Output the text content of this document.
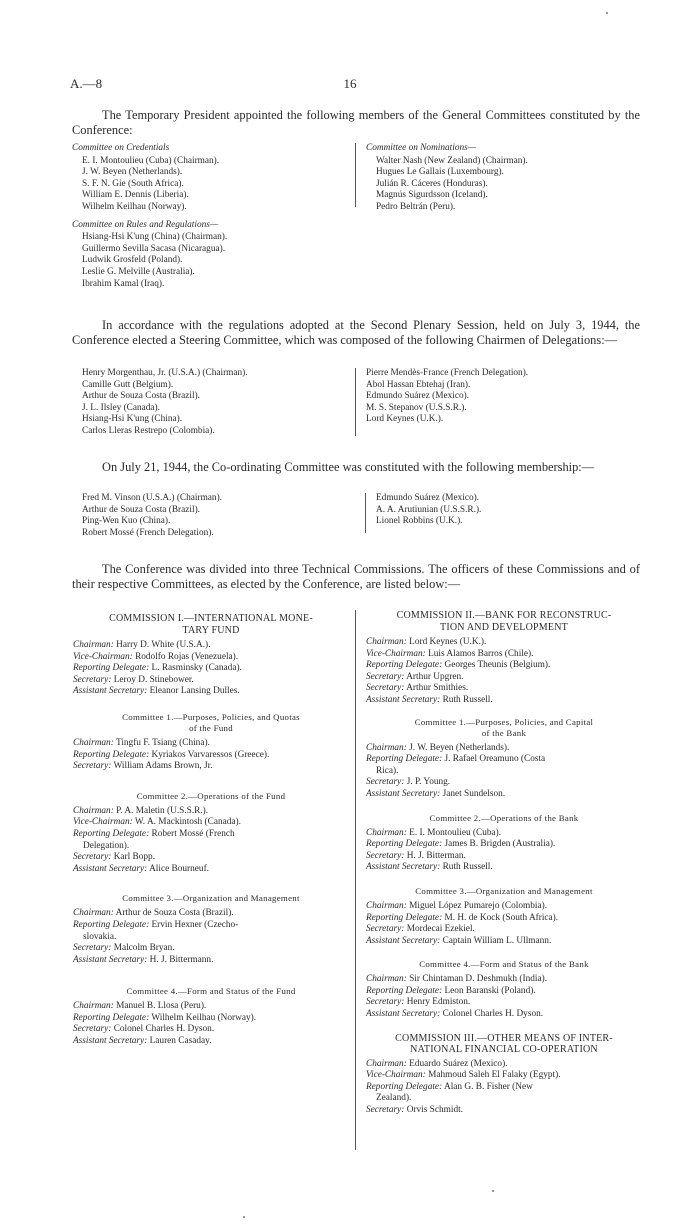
A.—8	16

The Temporary President appointed the following members of the General Committees constituted by the Conference:

Committee on Credentials
E. I. Montoulieu (Cuba) (Chairman).
J. W. Beyen (Netherlands).
S. F. N. Gie (South Africa).
William E. Dennis (Liberia).
Wilhelm Keilhau (Norway).
Committee on Rules and Regulations—
Hsiang-Hsi K'ung (China) (Chairman).
Guillermo Sevilla Sacasa (Nicaragua).
Ludwik Grosfeld (Poland).
Leslie G. Melville (Australia).
Ibrahim Kamal (Iraq).
Committee on Nominations—
Walter Nash (New Zealand) (Chairman).
Hugues Le Gallais (Luxembourg).
Julián R. Cáceres (Honduras).
Magnús Sigurdsson (Iceland).
Pedro Beltrán (Peru).

In accordance with the regulations adopted at the Second Plenary Session, held on July 3, 1944, the Conference elected a Steering Committee, which was composed of the following Chairmen of Delegations:—

Henry Morgenthau, Jr. (U.S.A.) (Chairman).
Camille Gutt (Belgium).
Arthur de Souza Costa (Brazil).
J. L. Ilsley (Canada).
Hsiang-Hsi K'ung (China).
Carlos Lleras Restrepo (Colombia).
Pierre Mendès-France (French Delegation).
Abol Hassan Ebtehaj (Iran).
Edmundo Suárez (Mexico).
M. S. Stepanov (U.S.S.R.).
Lord Keynes (U.K.).

On July 21, 1944, the Co-ordinating Committee was constituted with the following membership:—

Fred M. Vinson (U.S.A.) (Chairman).
Arthur de Souza Costa (Brazil).
Ping-Wen Kuo (China).
Robert Mossé (French Delegation).
Edmundo Suárez (Mexico).
A. A. Arutiunian (U.S.S.R.).
Lionel Robbins (U.K.).

The Conference was divided into three Technical Commissions. The officers of these Commissions and of their respective Committees, as elected by the Conference, are listed below:—

COMMISSION I.—INTERNATIONAL MONE-
TARY FUND
Chairman: Harry D. White (U.S.A.).
Vice-Chairman: Rodolfo Rojas (Venezuela).
Reporting Delegate: L. Rasminsky (Canada).
Secretary: Leroy D. Stinebower.
Assistant Secretary: Eleanor Lansing Dulles.
Committee 1.—Purposes, Policies, and Quotas
of the Fund
Chairman: Tingfu F. Tsiang (China).
Reporting Delegate: Kyriakos Varvaressos (Greece).
Secretary: William Adams Brown, Jr.
Committee 2.—Operations of the Fund
Chairman: P. A. Maletin (U.S.S.R.).
Vice-Chairman: W. A. Mackintosh (Canada).
Reporting Delegate: Robert Mossé (French
Delegation).
Secretary: Karl Bopp.
Assistant Secretary: Alice Bourneuf.
Committee 3.—Organization and Management
Chairman: Arthur de Souza Costa (Brazil).
Reporting Delegate: Ervin Hexner (Czecho-
slovakia.
Secretary: Malcolm Bryan.
Assistant Secretary: H. J. Bittermann.
Committee 4.—Form and Status of the Fund
Chairman: Manuel B. Llosa (Peru).
Reporting Delegate: Wilhelm Keilhau (Norway).
Secretary: Colonel Charles H. Dyson.
Assistant Secretary: Lauren Casaday.
COMMISSION II.—BANK FOR RECONSTRUC-
TION AND DEVELOPMENT
Chairman: Lord Keynes (U.K.).
Vice-Chairman: Luis Alamos Barros (Chile).
Reporting Delegate: Georges Theunis (Belgium).
Secretary: Arthur Upgren.
Secretary: Arthur Smithies.
Assistant Secretary: Ruth Russell.
Committee 1.—Purposes, Policies, and Capital
of the Bank
Chairman: J. W. Beyen (Netherlands).
Reporting Delegate: J. Rafael Oreamuno (Costa
Rica).
Secretary: J. P. Young.
Assistant Secretary: Janet Sundelson.
Committee 2.—Operations of the Bank
Chairman: E. I. Montoulieu (Cuba).
Reporting Delegate: James B. Brigden (Australia).
Secretary: H. J. Bitterman.
Assistant Secretary: Ruth Russell.
Committee 3.—Organization and Management
Chairman: Miguel López Pumarejo (Colombia).
Reporting Delegate: M. H. de Kock (South Africa).
Secretary: Mordecai Ezekiel.
Assistant Secretary: Captain William L. Ullmann.
Committee 4.—Form and Status of the Bank
Chairman: Sir Chintaman D. Deshmukh (India).
Reporting Delegate: Leon Baranski (Poland).
Secretary: Henry Edmiston.
Assistant Secretary: Colonel Charles H. Dyson.
COMMISSION III.—OTHER MEANS OF INTER-
NATIONAL FINANCIAL CO-OPERATION
Chairman: Eduardo Suárez (Mexico).
Vice-Chairman: Mahmoud Saleh El Falaky (Egypt).
Reporting Delegate: Alan G. B. Fisher (New
Zealand).
Secretary: Orvis Schmidt.
